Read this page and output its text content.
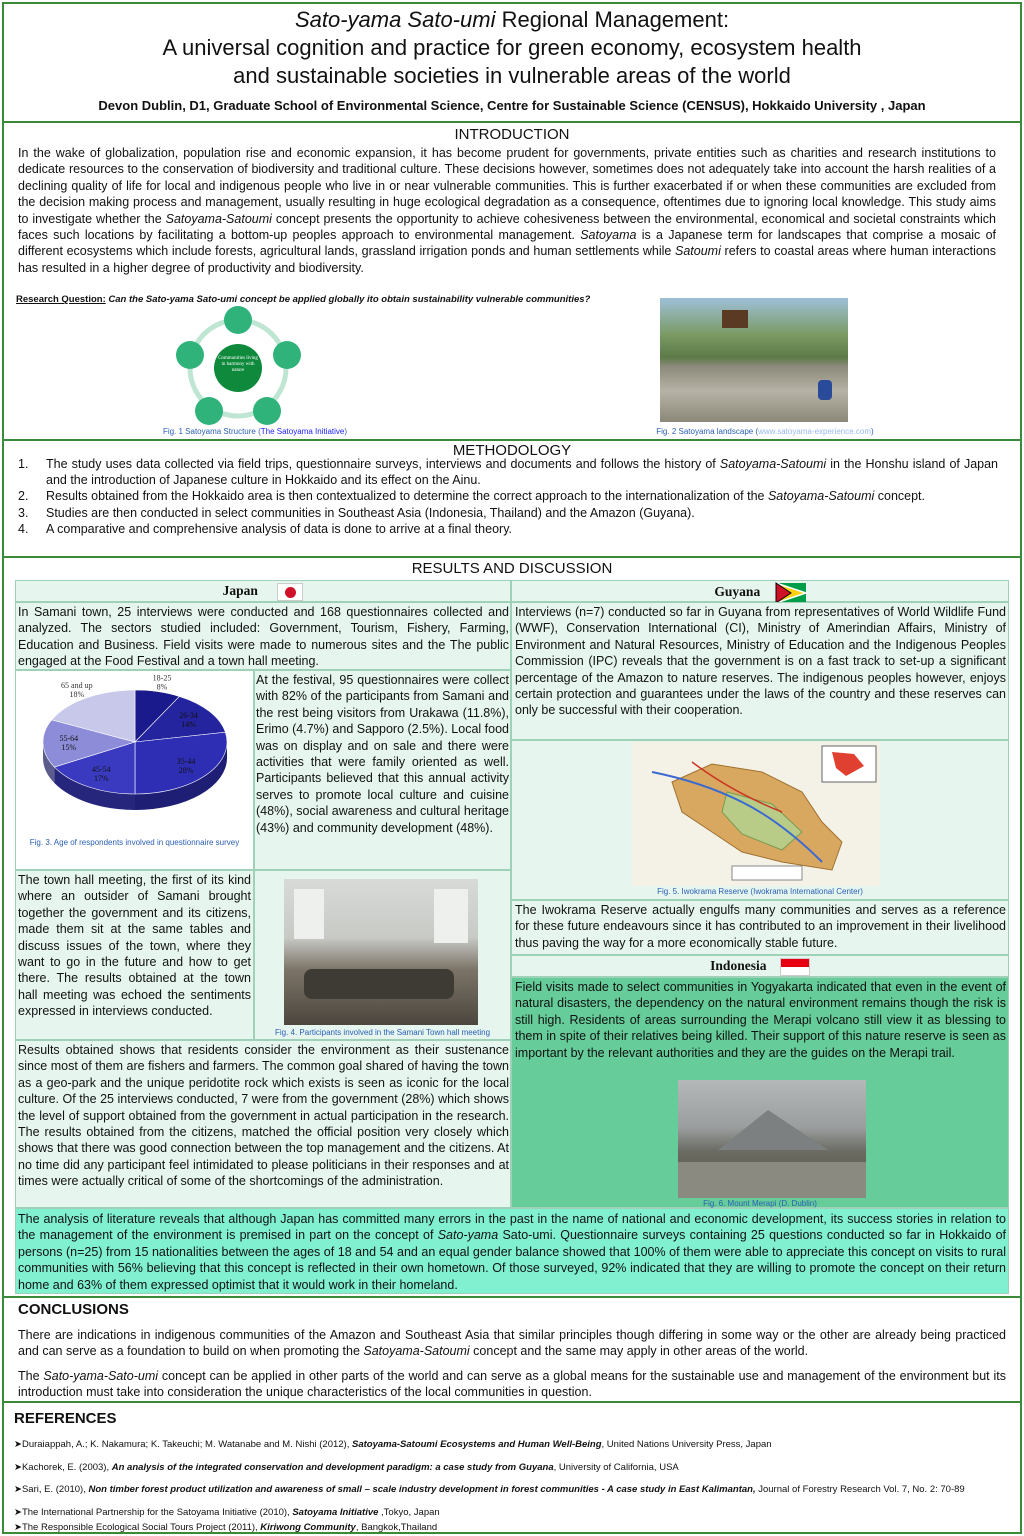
Sato-yama Sato-umi Regional Management:
A universal cognition and practice for green economy, ecosystem health
and sustainable societies in vulnerable areas of the world
Devon Dublin, D1, Graduate School of Environmental Science, Centre for Sustainable Science (CENSUS), Hokkaido University , Japan
INTRODUCTION
In the wake of globalization, population rise and economic expansion, it has become prudent for governments, private entities such as charities and research institutions to dedicate resources to the conservation of biodiversity and traditional culture. These decisions however, sometimes does not adequately take into account the harsh realities of a declining quality of life for local and indigenous people who live in or near vulnerable communities. This is further exacerbated if or when these communities are excluded from the decision making process and management, usually resulting in huge ecological degradation as a consequence, oftentimes due to ignoring local knowledge. This study aims to investigate whether the Satoyama-Satoumi concept presents the opportunity to achieve cohesiveness between the environmental, economical and societal constraints which faces such locations by facilitating a bottom-up peoples approach to environmental management. Satoyama is a Japanese term for landscapes that comprise a mosaic of different ecosystems which include forests, agricultural lands, grassland irrigation ponds and human settlements while Satoumi refers to coastal areas where human interactions has resulted in a higher degree of productivity and biodiversity.
Research Question: Can the Sato-yama Sato-umi concept be applied globally ito obtain sustainability vulnerable communities?
Communities living in harmony with nature
Fig. 1 Satoyama Structure (The Satoyama Initiative)	Fig. 2 Satoyama landscape (www.satoyama-experience.com)
METHODOLOGY
1.	The study uses data collected via field trips, questionnaire surveys, interviews and documents and follows the history of Satoyama-Satoumi in the Honshu island of Japan and the introduction of Japanese culture in Hokkaido and its effect on the Ainu.
2.	Results obtained from the Hokkaido area is then contextualized to determine the correct approach to the internationalization of the Satoyama-Satoumi concept.
3.	Studies are then conducted in select communities in Southeast Asia (Indonesia, Thailand) and the Amazon (Guyana).
4.	A comparative and comprehensive analysis of data is done to arrive at a final theory.
RESULTS AND DISCUSSION
Japan
In Samani town, 25 interviews were conducted and 168 questionnaires collected and analyzed. The sectors studied included: Government, Tourism, Fishery, Farming, Education and Business. Field visits were made to numerous sites and the The public engaged at the Food Festival and a town hall meeting.
18-25 8%
26-34 14%
35-44 28%
45-54 17%
55-64 15%
65 and up 18%
Fig. 3. Age of respondents involved in questionnaire survey
At the festival, 95 questionnaires were collect with 82% of the participants from Samani and the rest being visitors from Urakawa (11.8%), Erimo (4.7%) and Sapporo (2.5%). Local food was on display and on sale and there were activities that were family oriented as well. Participants believed that this annual activity serves to promote local culture and cuisine (48%), social awareness and cultural heritage (43%) and community development (48%).
The town hall meeting, the first of its kind where an outsider of Samani brought together the government and its citizens, made them sit at the same tables and discuss issues of the town, where they want to go in the future and how to get there. The results obtained at the town hall meeting was echoed the sentiments expressed in interviews conducted.
Fig. 4. Participants involved in the Samani Town hall meeting
Results obtained shows that residents consider the environment as their sustenance since most of them are fishers and farmers. The common goal shared of having the town as a geo-park and the unique peridotite rock which exists is seen as iconic for the local culture. Of the 25 interviews conducted, 7 were from the government (28%) which shows the level of support obtained from the government in actual participation in the research. The results obtained from the citizens, matched the official position very closely which shows that there was good connection between the top management and the citizens. At no time did any participant feel intimidated to please politicians in their responses and at times were actually critical of some of the shortcomings of the administration.
Guyana
Interviews (n=7) conducted so far in Guyana from representatives of World Wildlife Fund (WWF), Conservation International (CI), Ministry of Amerindian Affairs, Ministry of Environment and Natural Resources, Ministry of Education and the Indigenous Peoples Commission (IPC) reveals that the government is on a fast track to set-up a significant percentage of the Amazon to nature reserves. The indigenous peoples however, enjoys certain protection and guarantees under the laws of the country and these reserves can only be successful with their cooperation.
Fig. 5. Iwokrama Reserve (Iwokrama International Center)
The Iwokrama Reserve actually engulfs many communities and serves as a reference for these future endeavours since it has contributed to an improvement in their livelihood thus paving the way for a more economically stable future.
Indonesia
Field visits made to select communities in Yogyakarta indicated that even in the event of natural disasters, the dependency on the natural environment remains though the risk is still high. Residents of areas surrounding the Merapi volcano still view it as blessing to them in spite of their relatives being killed. Their support of this nature reserve is seen as important by the relevant authorities and they are the guides on the Merapi trail.
Fig. 6. Mount Merapi (D. Dublin)
The analysis of literature reveals that although Japan has committed many errors in the past in the name of national and economic development, its success stories in relation to the management of the environment is premised in part on the concept of Sato-yama Sato-umi. Questionnaire surveys containing 25 questions conducted so far in Hokkaido of persons (n=25) from 15 nationalities between the ages of 18 and 54 and an equal gender balance showed that 100% of them were able to appreciate this concept on visits to rural communities with 56% believing that this concept is reflected in their own hometown. Of those surveyed, 92% indicated that they are willing to promote the concept on their return home and 63% of them expressed optimist that it would work in their homeland.
CONCLUSIONS
There are indications in indigenous communities of the Amazon and Southeast Asia that similar principles though differing in some way or the other are already being practiced and can serve as a foundation to build on when promoting the Satoyama-Satoumi concept and the same may apply in other areas of the world.
The Sato-yama-Sato-umi concept can be applied in other parts of the world and can serve as a global means for the sustainable use and management of the environment but its introduction must take into consideration the unique characteristics of the local communities in question.
REFERENCES
➤Duraiappah, A.; K. Nakamura; K. Takeuchi; M. Watanabe and M. Nishi (2012), Satoyama-Satoumi Ecosystems and Human Well-Being, United Nations University Press, Japan
➤Kachorek, E. (2003), An analysis of the integrated conservation and development paradigm: a case study from Guyana, University of California, USA
➤Sari, E. (2010), Non timber forest product utilization and awareness of small – scale industry development in forest communities - A case study in East Kalimantan, Journal of Forestry Research Vol. 7, No. 2: 70-89
➤The International Partnership for the Satoyama Initiative (2010), Satoyama Initiative ,Tokyo, Japan
➤The Responsible Ecological Social Tours Project (2011), Kiriwong Community, Bangkok,Thailand
